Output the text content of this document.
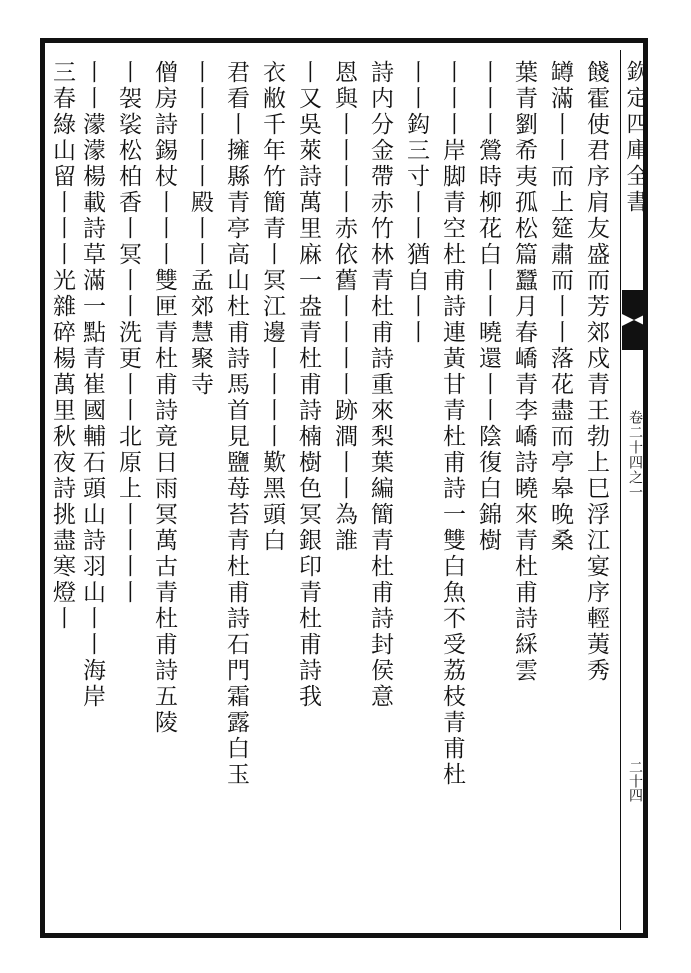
欽定四庫全書
卷二十四之一
二十四
餞霍使君序肩友盛而芳郊戍青王勃上巳浮江宴序輕荑秀
罇滿丨丨而上筵肅而丨丨落花盡而亭皋晚桑
葉青劉希夷孤松篇蠶月春嶠青李嶠詩曉來青杜甫詩綵雲
丨丨丨鶯時柳花白丨丨曉還丨丨陰復白錦樹
丨丨丨岸脚青空杜甫詩連黃甘青杜甫詩一雙白魚不受荔枝青甫杜
丨丨鈎三寸丨丨猶自丨丨
詩内分金帶赤竹林青杜甫詩重來梨葉編簡青杜甫詩封侯意
恩與丨丨丨丨赤依舊丨丨丨丨跡澗丨丨為誰
丨又吳萊詩萬里麻一盎青杜甫詩楠樹色冥銀印青杜甫詩我
衣敝千年竹簡青丨冥江邊丨丨丨丨歎黑頭白
君看丨擁縣青亭高山杜甫詩馬首見鹽苺苔青杜甫詩石門霜露白玉
丨丨丨丨丨殿丨丨孟郊慧聚寺
僧房詩錫杖丨丨丨雙匣青杜甫詩竟日雨冥萬古青杜甫詩五陵
丨袈裟松柏香丨冥丨丨洗更丨丨北原上丨丨丨丨
丨丨濛濛楊載詩草滿一點青崔國輔石頭山詩羽山丨丨海岸
三春綠山留丨丨丨光雜碎楊萬里秋夜詩挑盡寒燈丨
